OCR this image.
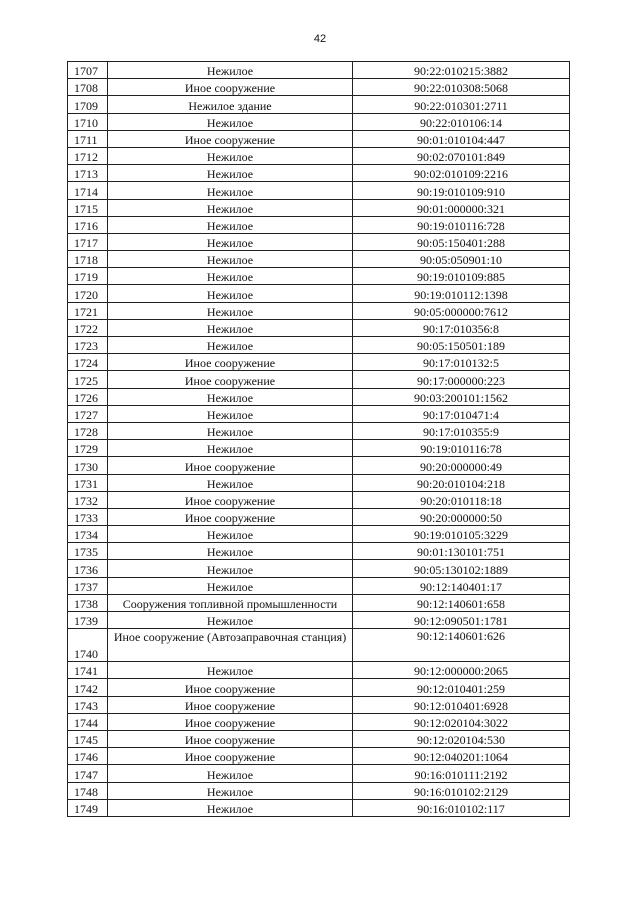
42
1707	Нежилое	90:22:010215:3882
1708	Иное сооружение	90:22:010308:5068
1709	Нежилое здание	90:22:010301:2711
1710	Нежилое	90:22:010106:14
1711	Иное сооружение	90:01:010104:447
1712	Нежилое	90:02:070101:849
1713	Нежилое	90:02:010109:2216
1714	Нежилое	90:19:010109:910
1715	Нежилое	90:01:000000:321
1716	Нежилое	90:19:010116:728
1717	Нежилое	90:05:150401:288
1718	Нежилое	90:05:050901:10
1719	Нежилое	90:19:010109:885
1720	Нежилое	90:19:010112:1398
1721	Нежилое	90:05:000000:7612
1722	Нежилое	90:17:010356:8
1723	Нежилое	90:05:150501:189
1724	Иное сооружение	90:17:010132:5
1725	Иное сооружение	90:17:000000:223
1726	Нежилое	90:03:200101:1562
1727	Нежилое	90:17:010471:4
1728	Нежилое	90:17:010355:9
1729	Нежилое	90:19:010116:78
1730	Иное сооружение	90:20:000000:49
1731	Нежилое	90:20:010104:218
1732	Иное сооружение	90:20:010118:18
1733	Иное сооружение	90:20:000000:50
1734	Нежилое	90:19:010105:3229
1735	Нежилое	90:01:130101:751
1736	Нежилое	90:05:130102:1889
1737	Нежилое	90:12:140401:17
1738	Сооружения топливной промышленности	90:12:140601:658
1739	Нежилое	90:12:090501:1781
1740	Иное сооружение (Автозаправочная станция)	90:12:140601:626
1741	Нежилое	90:12:000000:2065
1742	Иное сооружение	90:12:010401:259
1743	Иное сооружение	90:12:010401:6928
1744	Иное сооружение	90:12:020104:3022
1745	Иное сооружение	90:12:020104:530
1746	Иное сооружение	90:12:040201:1064
1747	Нежилое	90:16:010111:2192
1748	Нежилое	90:16:010102:2129
1749	Нежилое	90:16:010102:117
